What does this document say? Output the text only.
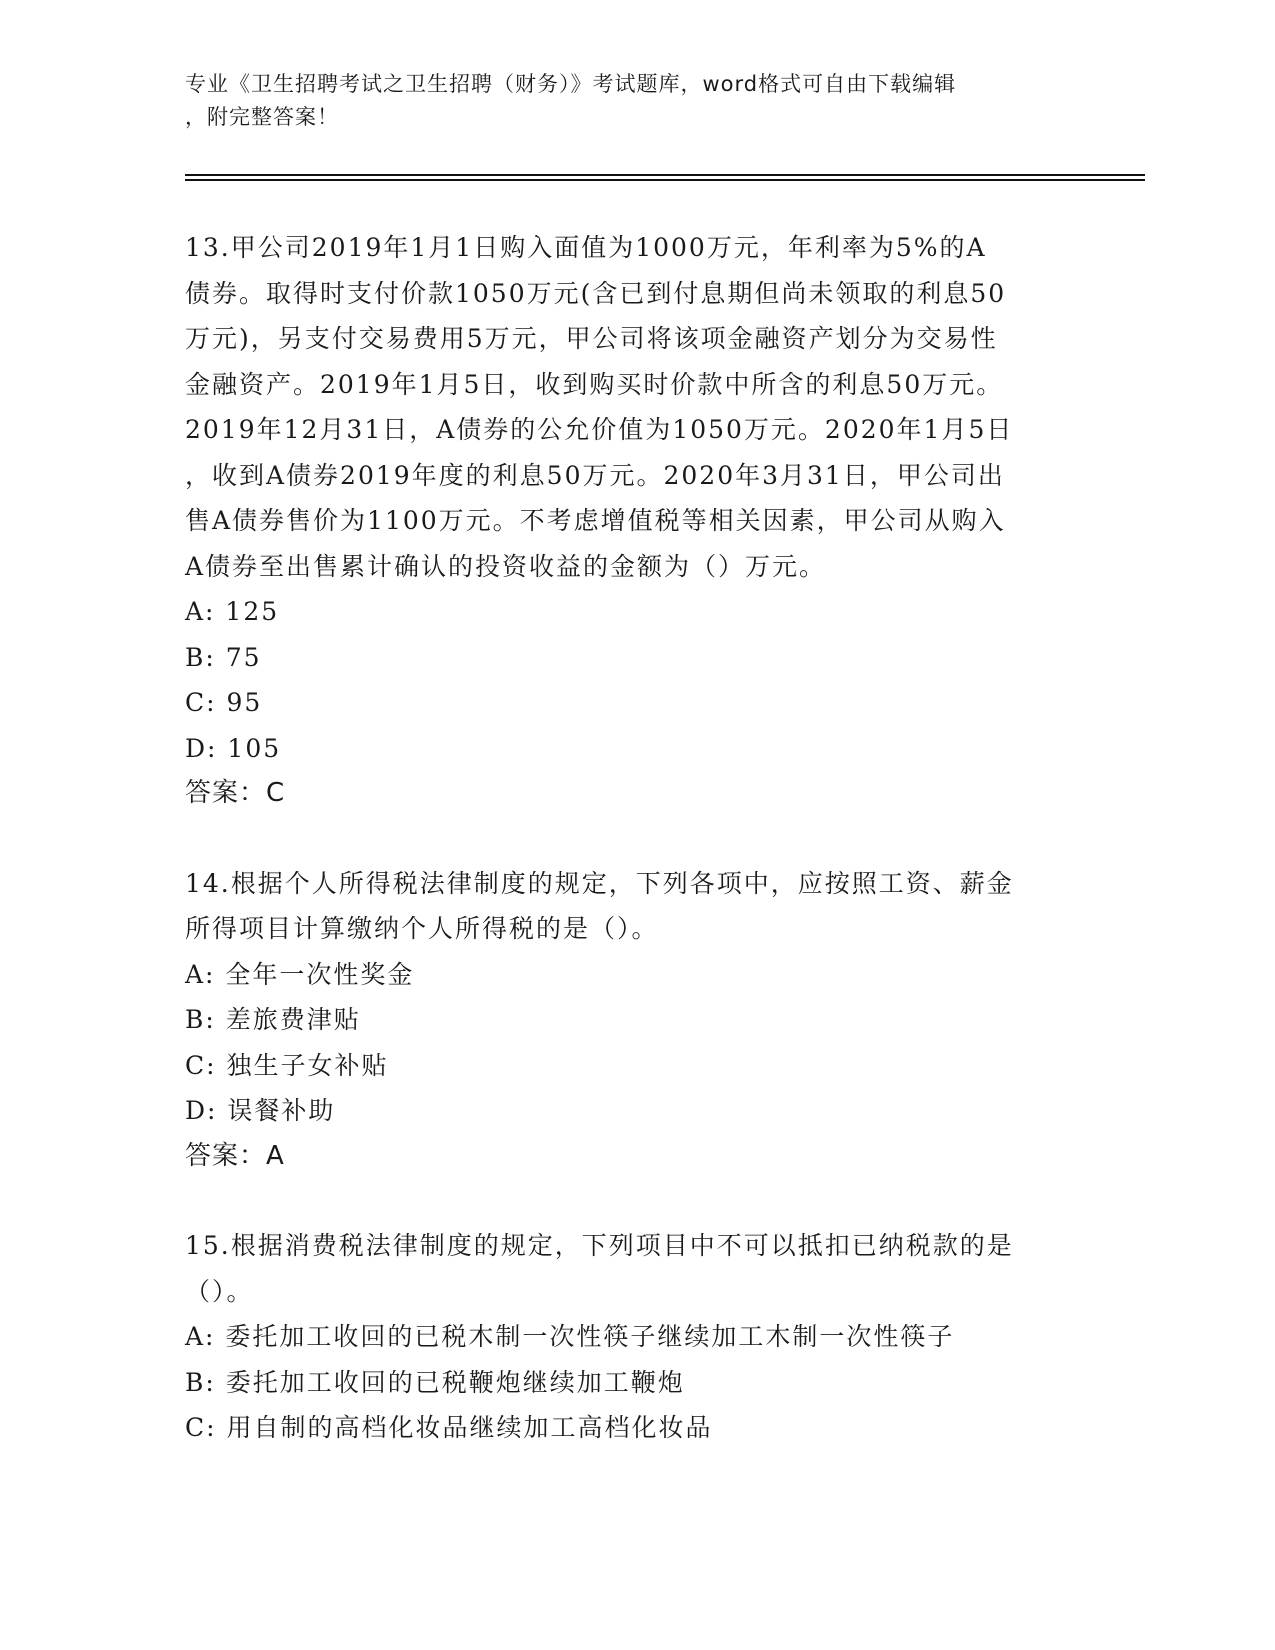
专业《卫生招聘考试之卫生招聘（财务）》考试题库，word格式可自由下载编辑
，附完整答案！
13.甲公司2019年1月1日购入面值为1000万元，年利率为5%的A
债券。取得时支付价款1050万元(含已到付息期但尚未领取的利息50
万元)，另支付交易费用5万元，甲公司将该项金融资产划分为交易性
金融资产。2019年1月5日，收到购买时价款中所含的利息50万元。
2019年12月31日，A债券的公允价值为1050万元。2020年1月5日
，收到A债券2019年度的利息50万元。2020年3月31日，甲公司出
售A债券售价为1100万元。不考虑增值税等相关因素，甲公司从购入
A债券至出售累计确认的投资收益的金额为（）万元。
A: 125
B: 75
C: 95
D: 105
答案：C
14.根据个人所得税法律制度的规定，下列各项中，应按照工资、薪金
所得项目计算缴纳个人所得税的是（）。
A: 全年一次性奖金
B: 差旅费津贴
C: 独生子女补贴
D: 误餐补助
答案：A
15.根据消费税法律制度的规定，下列项目中不可以抵扣已纳税款的是
（）。
A: 委托加工收回的已税木制一次性筷子继续加工木制一次性筷子
B: 委托加工收回的已税鞭炮继续加工鞭炮
C: 用自制的高档化妆品继续加工高档化妆品
